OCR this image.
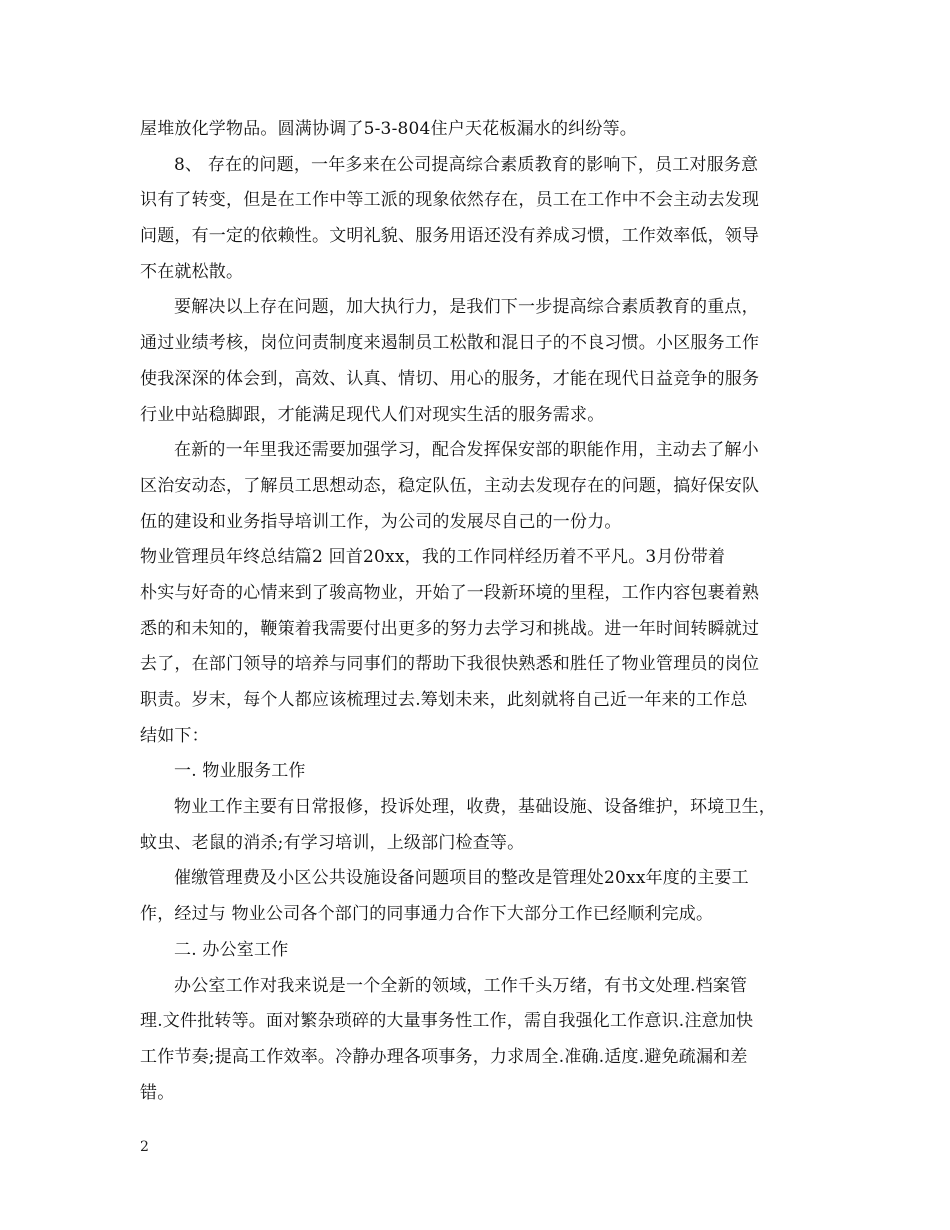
屋堆放化学物品。圆满协调了5-3-804住户天花板漏水的纠纷等。
8、 存在的问题，一年多来在公司提高综合素质教育的影响下，员工对服务意
识有了转变，但是在工作中等工派的现象依然存在，员工在工作中不会主动去发现
问题，有一定的依赖性。文明礼貌、服务用语还没有养成习惯，工作效率低，领导
不在就松散。
要解决以上存在问题，加大执行力，是我们下一步提高综合素质教育的重点，
通过业绩考核，岗位问责制度来遏制员工松散和混日子的不良习惯。小区服务工作
使我深深的体会到，高效、认真、情切、用心的服务，才能在现代日益竞争的服务
行业中站稳脚跟，才能满足现代人们对现实生活的服务需求。
在新的一年里我还需要加强学习，配合发挥保安部的职能作用，主动去了解小
区治安动态，了解员工思想动态，稳定队伍，主动去发现存在的问题，搞好保安队
伍的建设和业务指导培训工作，为公司的发展尽自己的一份力。
物业管理员年终总结篇2 回首20xx，我的工作同样经历着不平凡。3月份带着
朴实与好奇的心情来到了骏高物业，开始了一段新环境的里程，工作内容包裹着熟
悉的和未知的，鞭策着我需要付出更多的努力去学习和挑战。进一年时间转瞬就过
去了，在部门领导的培养与同事们的帮助下我很快熟悉和胜任了物业管理员的岗位
职责。岁末，每个人都应该梳理过去.筹划未来，此刻就将自己近一年来的工作总
结如下：
一. 物业服务工作
物业工作主要有日常报修，投诉处理，收费，基础设施、设备维护，环境卫生，
蚊虫、老鼠的消杀;有学习培训，上级部门检查等。
催缴管理费及小区公共设施设备问题项目的整改是管理处20xx年度的主要工
作，经过与 物业公司各个部门的同事通力合作下大部分工作已经顺利完成。
二. 办公室工作
办公室工作对我来说是一个全新的领域，工作千头万绪，有书文处理.档案管
理.文件批转等。面对繁杂琐碎的大量事务性工作，需自我强化工作意识.注意加快
工作节奏;提高工作效率。冷静办理各项事务，力求周全.准确.适度.避免疏漏和差
错。
2
